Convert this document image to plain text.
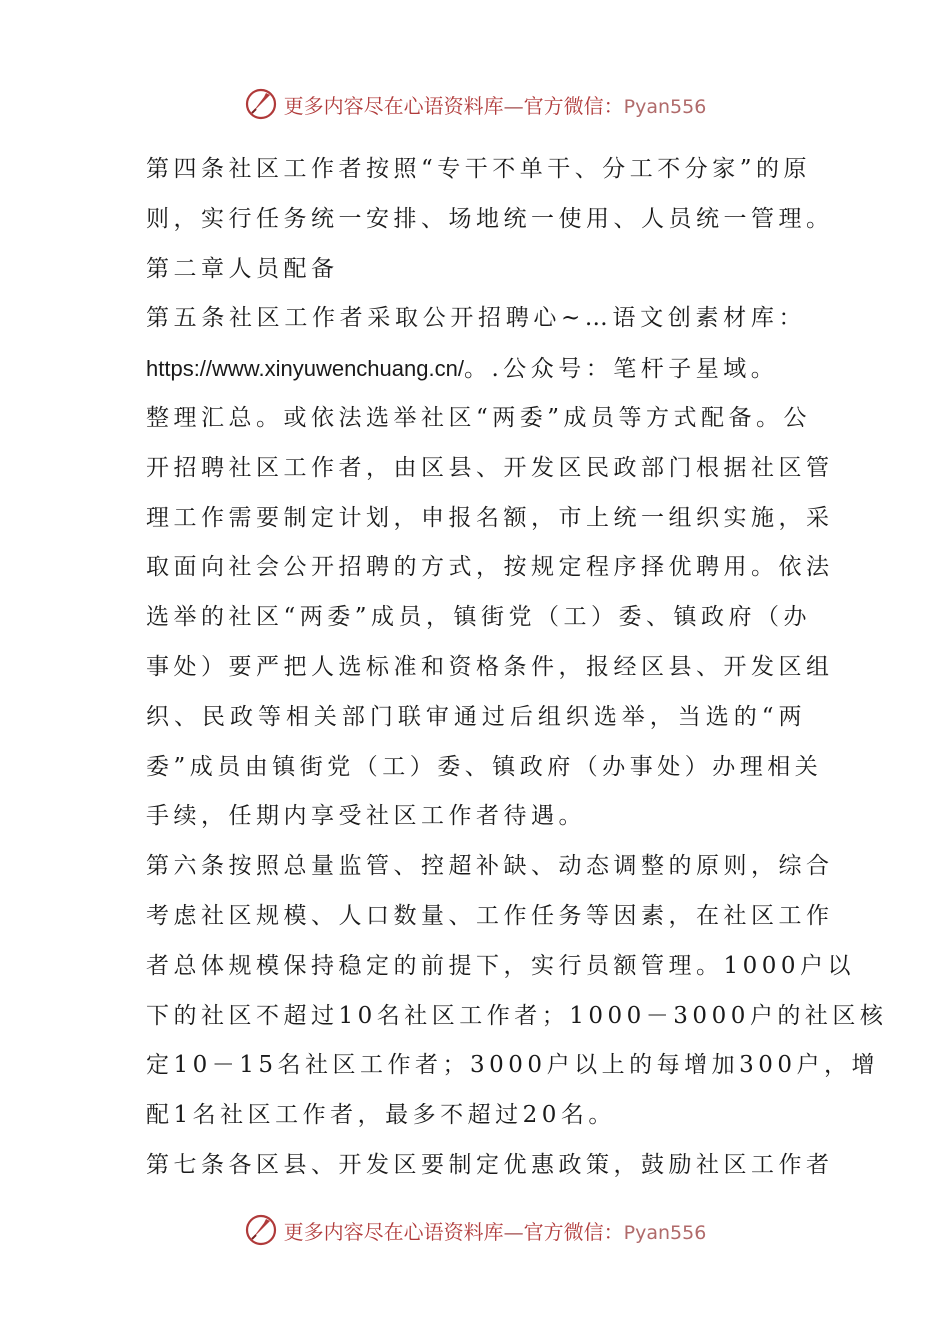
更多内容尽在心语资料库—官方微信：Pyan556
第四条社区工作者按照“专干不单干、分工不分家”的原
则，实行任务统一安排、场地统一使用、人员统一管理。
第二章人员配备
第五条社区工作者采取公开招聘心~…语文创素材库：
https://www.xinyuwenchuang.cn/。.公众号：笔杆子星域。
整理汇总。或依法选举社区“两委”成员等方式配备。公
开招聘社区工作者，由区县、开发区民政部门根据社区管
理工作需要制定计划，申报名额，市上统一组织实施，采
取面向社会公开招聘的方式，按规定程序择优聘用。依法
选举的社区“两委”成员，镇街党（工）委、镇政府（办
事处）要严把人选标准和资格条件，报经区县、开发区组
织、民政等相关部门联审通过后组织选举，当选的“两
委”成员由镇街党（工）委、镇政府（办事处）办理相关
手续，任期内享受社区工作者待遇。
第六条按照总量监管、控超补缺、动态调整的原则，综合
考虑社区规模、人口数量、工作任务等因素，在社区工作
者总体规模保持稳定的前提下，实行员额管理。1000户以
下的社区不超过10名社区工作者；1000－3000户的社区核
定10－15名社区工作者；3000户以上的每增加300户，增
配1名社区工作者，最多不超过20名。
第七条各区县、开发区要制定优惠政策，鼓励社区工作者
更多内容尽在心语资料库—官方微信：Pyan556
